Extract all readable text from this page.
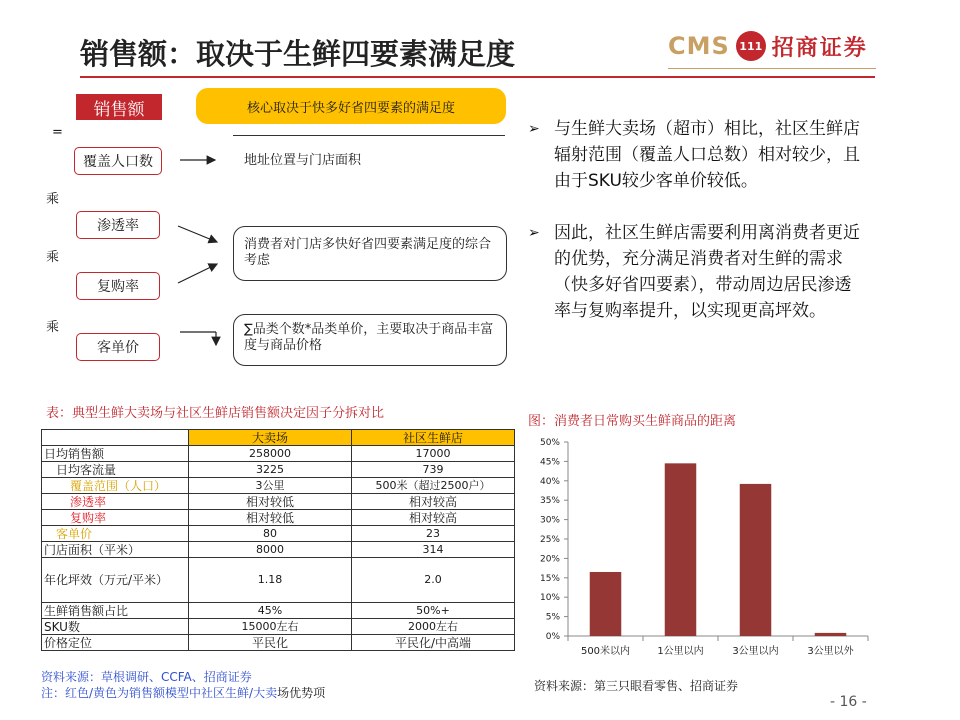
销售额：取决于生鲜四要素满足度	CMS 111 招商证券
销售额	核心取决于快多好省四要素的满足度
=
乘
乘
乘
覆盖人口数
渗透率
复购率
客单价
地址位置与门店面积
消费者对门店多快好省四要素满足度的综合考虑
∑品类个数*品类单价，主要取决于商品丰富度与商品价格
➢ 与生鲜大卖场（超市）相比，社区生鲜店辐射范围（覆盖人口总数）相对较少，且由于SKU较少客单价较低。
➢ 因此，社区生鲜店需要利用离消费者更近的优势，充分满足消费者对生鲜的需求（快多好省四要素），带动周边居民渗透率与复购率提升，以实现更高坪效。
表：典型生鲜大卖场与社区生鲜店销售额决定因子分拆对比
	大卖场	社区生鲜店
日均销售额	258000	17000
日均客流量	3225	739
覆盖范围（人口）	3公里	500米（超过2500户）
渗透率	相对较低	相对较高
复购率	相对较低	相对较高
客单价	80	23
门店面积（平米）	8000	314
年化坪效（万元/平米）	1.18	2.0
生鲜销售额占比	45%	50%+
SKU数	15000左右	2000左右
价格定位	平民化	平民化/中高端
资料来源：草根调研、CCFA、招商证券
注：红色/黄色为销售额模型中社区生鲜/大卖场优势项
图：消费者日常购买生鲜商品的距离
0%
5%
10%
15%
20%
25%
30%
35%
40%
45%
50%
500米以内	1公里以内	3公里以内	3公里以外
资料来源：第三只眼看零售、招商证券
- 16 -
